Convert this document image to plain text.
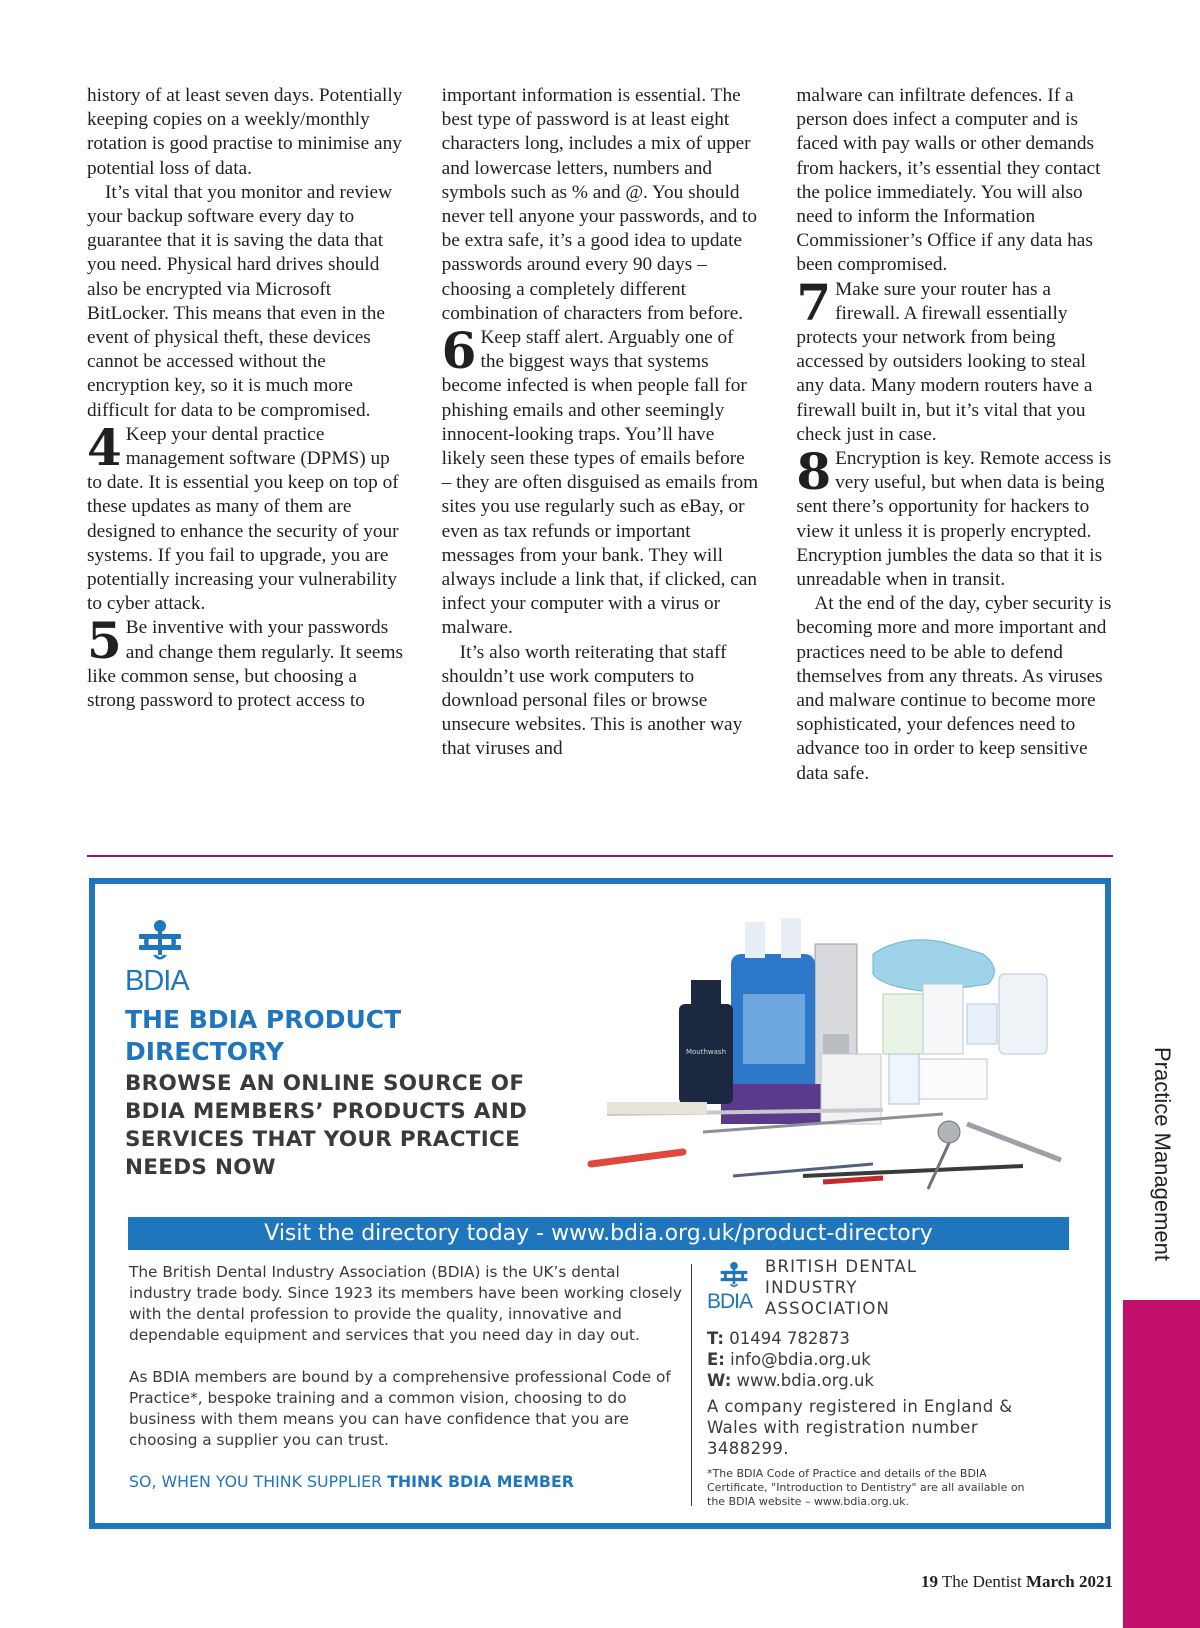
history of at least seven days. Potentially keeping copies on a weekly/monthly rotation is good practise to minimise any potential loss of data.

It’s vital that you monitor and review your backup software every day to guarantee that it is saving the data that you need. Physical hard drives should also be encrypted via Microsoft BitLocker. This means that even in the event of physical theft, these devices cannot be accessed without the encryption key, so it is much more difficult for data to be compromised.

4 Keep your dental practice management software (DPMS) up to date. It is essential you keep on top of these updates as many of them are designed to enhance the security of your systems. If you fail to upgrade, you are potentially increasing your vulnerability to cyber attack.

5 Be inventive with your passwords and change them regularly. It seems like common sense, but choosing a strong password to protect access to

important information is essential. The best type of password is at least eight characters long, includes a mix of upper and lowercase letters, numbers and symbols such as % and @. You should never tell anyone your passwords, and to be extra safe, it’s a good idea to update passwords around every 90 days – choosing a completely different combination of characters from before.

6 Keep staff alert. Arguably one of the biggest ways that systems become infected is when people fall for phishing emails and other seemingly innocent-looking traps. You’ll have likely seen these types of emails before – they are often disguised as emails from sites you use regularly such as eBay, or even as tax refunds or important messages from your bank. They will always include a link that, if clicked, can infect your computer with a virus or malware.

It’s also worth reiterating that staff shouldn’t use work computers to download personal files or browse unsecure websites. This is another way that viruses and

malware can infiltrate defences. If a person does infect a computer and is faced with pay walls or other demands from hackers, it’s essential they contact the police immediately. You will also need to inform the Information Commissioner’s Office if any data has been compromised.

7 Make sure your router has a firewall. A firewall essentially protects your network from being accessed by outsiders looking to steal any data. Many modern routers have a firewall built in, but it’s vital that you check just in case.

8 Encryption is key. Remote access is very useful, but when data is being sent there’s opportunity for hackers to view it unless it is properly encrypted. Encryption jumbles the data so that it is unreadable when in transit.

At the end of the day, cyber security is becoming more and more important and practices need to be able to defend themselves from any threats. As viruses and malware continue to become more sophisticated, your defences need to advance too in order to keep sensitive data safe.

BDIA
THE BDIA PRODUCT DIRECTORY
BROWSE AN ONLINE SOURCE OF BDIA MEMBERS’ PRODUCTS AND SERVICES THAT YOUR PRACTICE NEEDS NOW
Mouthwash
Visit the directory today - www.bdia.org.uk/product-directory

The British Dental Industry Association (BDIA) is the UK’s dental industry trade body. Since 1923 its members have been working closely with the dental profession to provide the quality, innovative and dependable equipment and services that you need day in day out.

As BDIA members are bound by a comprehensive professional Code of Practice*, bespoke training and a common vision, choosing to do business with them means you can have confidence that you are choosing a supplier you can trust.

SO, WHEN YOU THINK SUPPLIER THINK BDIA MEMBER
BDIA
BRITISH DENTAL
INDUSTRY
ASSOCIATION
T: 01494 782873
E: info@bdia.org.uk
W: www.bdia.org.uk
A company registered in England & Wales with registration number 3488299.
*The BDIA Code of Practice and details of the BDIA Certificate, "Introduction to Dentistry" are all available on the BDIA website – www.bdia.org.uk.
Practice Management
19 The Dentist March 2021
